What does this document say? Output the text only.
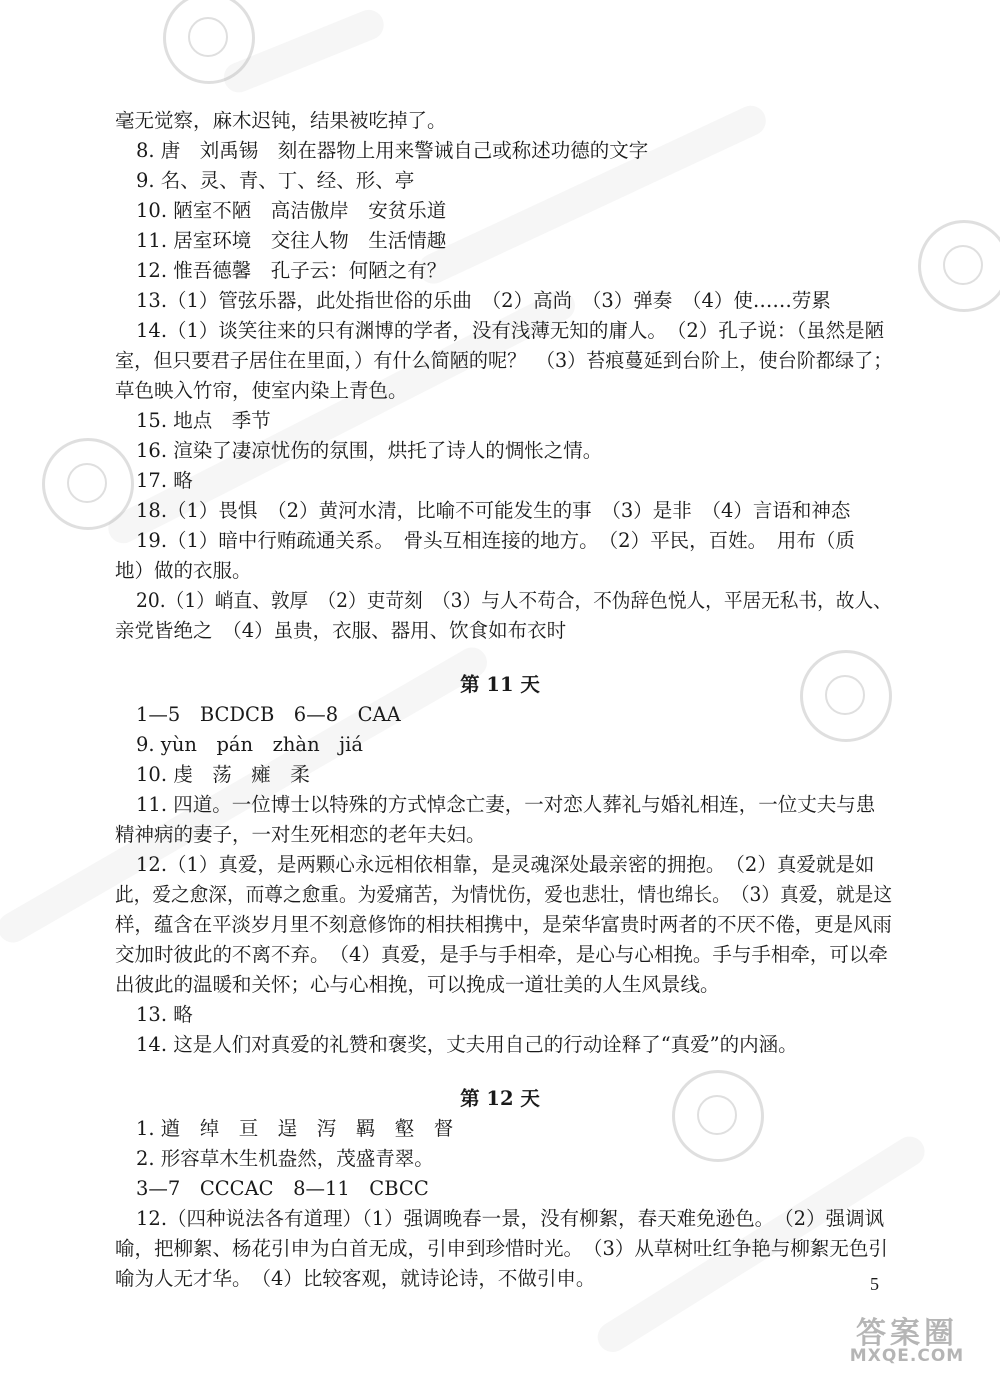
毫无觉察，麻木迟钝，结果被吃掉了。
8. 唐　刘禹锡　刻在器物上用来警诫自己或称述功德的文字
9. 名、灵、青、丁、经、形、亭
10. 陋室不陋　高洁傲岸　安贫乐道
11. 居室环境　交往人物　生活情趣
12. 惟吾德馨　孔子云：何陋之有？
13.（1）管弦乐器，此处指世俗的乐曲　（2）高尚　（3）弹奏　（4）使……劳累
14.（1）谈笑往来的只有渊博的学者，没有浅薄无知的庸人。　（2）孔子说：（虽然是陋
室，但只要君子居住在里面，）有什么简陋的呢？　（3）苔痕蔓延到台阶上，使台阶都绿了；
草色映入竹帘，使室内染上青色。
15. 地点　季节
16. 渲染了凄凉忧伤的氛围，烘托了诗人的惆怅之情。
17. 略
18.（1）畏惧　（2）黄河水清，比喻不可能发生的事　（3）是非　（4）言语和神态
19.（1）暗中行贿疏通关系。　骨头互相连接的地方。　（2）平民，百姓。　用布（质
地）做的衣服。
20.（1）峭直、敦厚　（2）吏苛刻　（3）与人不苟合，不伪辞色悦人，平居无私书，故人、
亲党皆绝之　（4）虽贵，衣服、器用、饮食如布衣时
第 11 天
1—5　BCDCB　6—8　CAA
9. yùn　pán　zhàn　jiá
10. 虔　荡　瘫　柔
11. 四道。一位博士以特殊的方式悼念亡妻，一对恋人葬礼与婚礼相连，一位丈夫与患
精神病的妻子，一对生死相恋的老年夫妇。
12.（1）真爱，是两颗心永远相依相靠，是灵魂深处最亲密的拥抱。　（2）真爱就是如
此，爱之愈深，而尊之愈重。为爱痛苦，为情忧伤，爱也悲壮，情也绵长。　（3）真爱，就是这
样，蕴含在平淡岁月里不刻意修饰的相扶相携中，是荣华富贵时两者的不厌不倦，更是风雨
交加时彼此的不离不弃。　（4）真爱，是手与手相牵，是心与心相挽。手与手相牵，可以牵
出彼此的温暖和关怀；心与心相挽，可以挽成一道壮美的人生风景线。
13. 略
14. 这是人们对真爱的礼赞和褒奖，丈夫用自己的行动诠释了“真爱”的内涵。
第 12 天
1. 遒　绰　亘　逞　泻　羁　壑　督
2. 形容草木生机盎然，茂盛青翠。
3—7　CCCAC　8—11　CBCC
12.（四种说法各有道理）（1）强调晚春一景，没有柳絮，春天难免逊色。　（2）强调讽
喻，把柳絮、杨花引申为白首无成，引申到珍惜时光。　（3）从草树吐红争艳与柳絮无色引
喻为人无才华。　（4）比较客观，就诗论诗，不做引申。	5
答案圈
MXQE.COM
